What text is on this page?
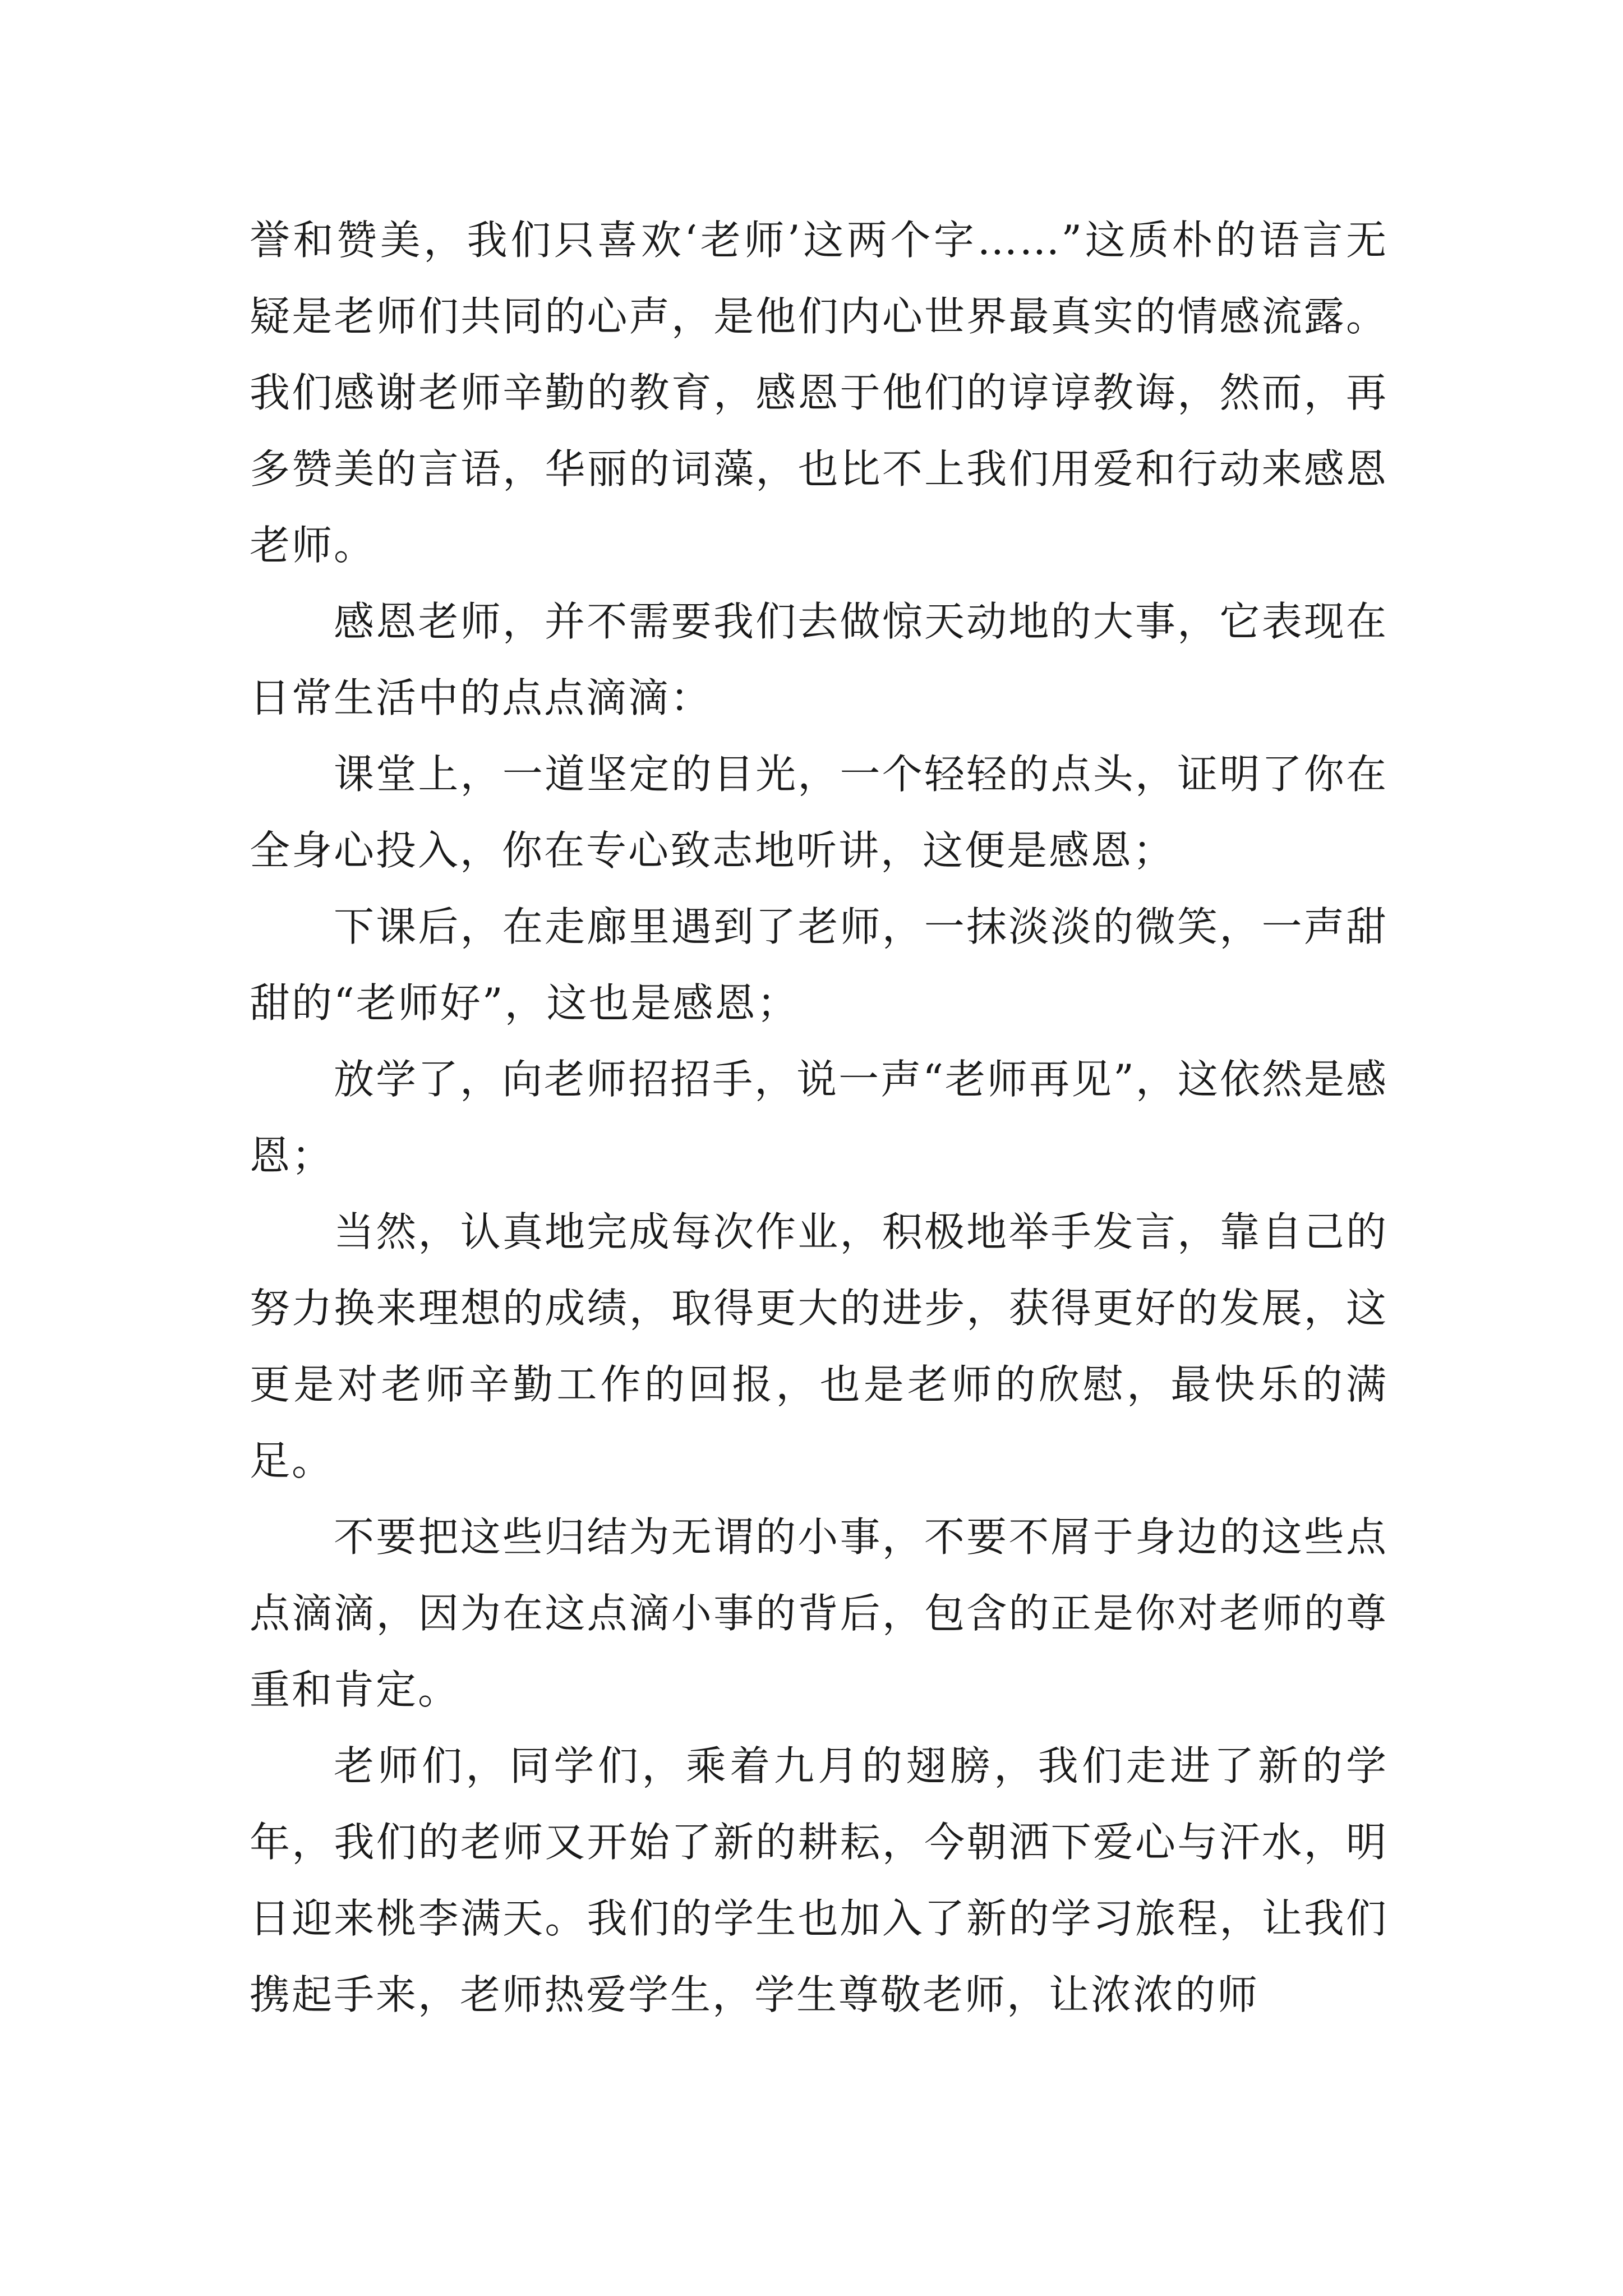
誉和赞美，我们只喜欢‘老师’这两个字……”这质朴的语言无疑是老师们共同的心声，是他们内心世界最真实的情感流露。我们感谢老师辛勤的教育，感恩于他们的谆谆教诲，然而，再多赞美的言语，华丽的词藻，也比不上我们用爱和行动来感恩老师。

感恩老师，并不需要我们去做惊天动地的大事，它表现在日常生活中的点点滴滴：

课堂上，一道坚定的目光，一个轻轻的点头，证明了你在全身心投入，你在专心致志地听讲，这便是感恩；

下课后，在走廊里遇到了老师，一抹淡淡的微笑，一声甜甜的“老师好”，这也是感恩；

放学了，向老师招招手，说一声“老师再见”，这依然是感恩；

当然，认真地完成每次作业，积极地举手发言，靠自己的努力换来理想的成绩，取得更大的进步，获得更好的发展，这更是对老师辛勤工作的回报，也是老师的欣慰，最快乐的满足。

不要把这些归结为无谓的小事，不要不屑于身边的这些点点滴滴，因为在这点滴小事的背后，包含的正是你对老师的尊重和肯定。

老师们，同学们，乘着九月的翅膀，我们走进了新的学年，我们的老师又开始了新的耕耘，今朝洒下爱心与汗水，明日迎来桃李满天。我们的学生也加入了新的学习旅程，让我们携起手来，老师热爱学生，学生尊敬老师，让浓浓的师
